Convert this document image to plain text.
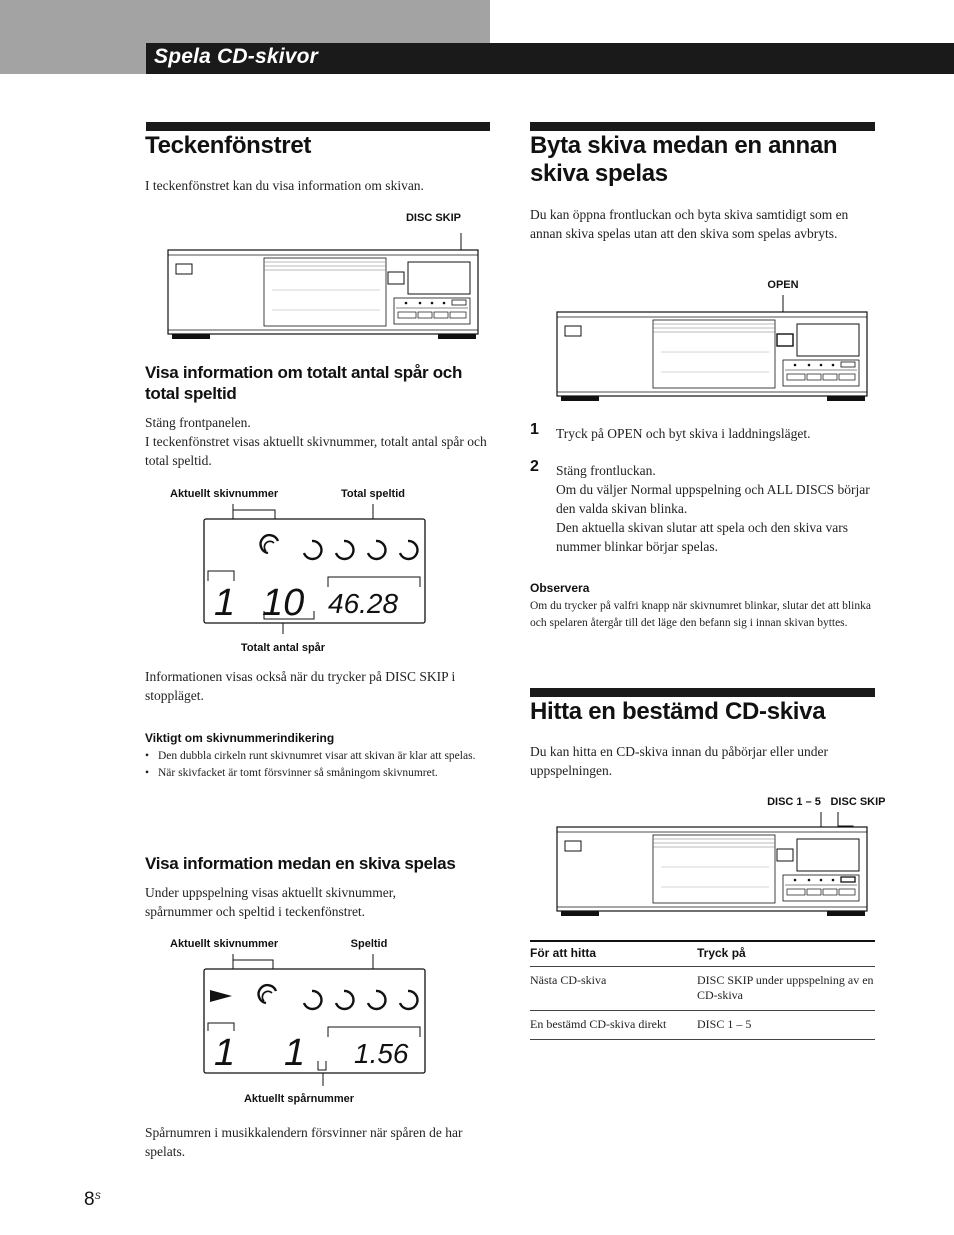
Spela CD-skivor
Teckenfönstret
I teckenfönstret kan du visa information om skivan.
DISC SKIP
Visa information om totalt antal spår och total speltid
Stäng frontpanelen.
I teckenfönstret visas aktuellt skivnummer, totalt antal spår och total speltid.
Aktuellt skivnummer	Total speltid
Totalt antal spår
1 10 46.28
Informationen visas också när du trycker på DISC SKIP i stoppläget.
Viktigt om skivnummerindikering
• Den dubbla cirkeln runt skivnumret visar att skivan är klar att spelas.
• När skivfacket är tomt försvinner så småningom skivnumret.
Visa information medan en skiva spelas
Under uppspelning visas aktuellt skivnummer, spårnummer och speltid i teckenfönstret.
Aktuellt skivnummer	Speltid
Aktuellt spårnummer
1 1 1.56
Spårnumren i musikkalendern försvinner när spåren de har spelats.
Byta skiva medan en annan skiva spelas
Du kan öppna frontluckan och byta skiva samtidigt som en annan skiva spelas utan att den skiva som spelas avbryts.
OPEN
1 Tryck på OPEN och byt skiva i laddningsläget.
2 Stäng frontluckan.
Om du väljer Normal uppspelning och ALL DISCS börjar den valda skivan blinka.
Den aktuella skivan slutar att spela och den skiva vars nummer blinkar börjar spelas.
Observera
Om du trycker på valfri knapp när skivnumret blinkar, slutar det att blinka och spelaren återgår till det läge den befann sig i innan skivan byttes.
Hitta en bestämd CD-skiva
Du kan hitta en CD-skiva innan du påbörjar eller under uppspelningen.
DISC 1 – 5 DISC SKIP
För att hitta	Tryck på
Nästa CD-skiva	DISC SKIP under uppspelning av en CD-skiva
En bestämd CD-skiva direkt	DISC 1 – 5
$8^S$
